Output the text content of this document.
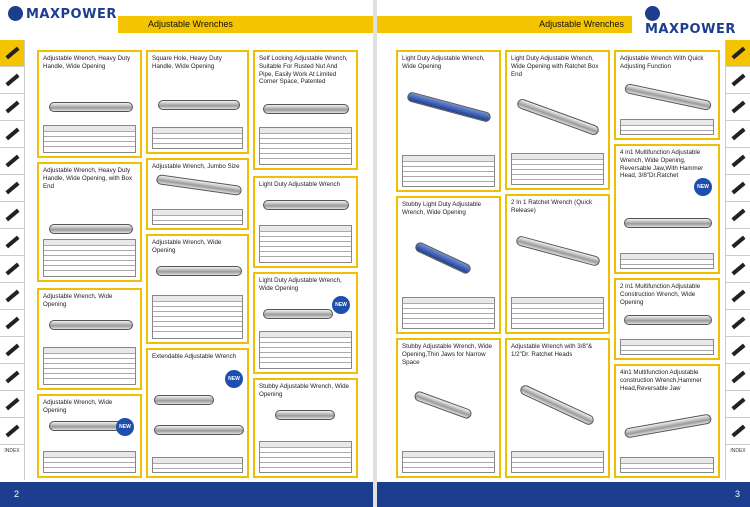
MAXPOWER
Adjustable Wrenches	Adjustable Wrenches	MAXPOWER
INDEX	INDEX
Adjustable Wrench, Heavy Duty Handle, Wide Opening
Adjustable Wrench, Heavy Duty Handle, Wide Opening, with Box End
Adjustable Wrench, Wide Opening
Adjustable Wrench, Wide Opening
NEW
Square Hole, Heavy Duty Handle, Wide Opening
Adjustable Wrench, Jumbo Size
Adjustable Wrench, Wide Opening
Extendable Adjustable Wrench
NEW
Self Locking Adjustable Wrench, Suitable For Rusted Nut And Pipe, Easily Work At Limited Corner Space, Patented
Light Duty Adjustable Wrench
Light Duty Adjustable Wrench, Wide Opening
NEW
Stubby Adjustable Wrench, Wide Opening
Light Duty Adjustable Wrench, Wide Opening
Stubby Light Duty Adjustable Wrench, Wide Opening
Stubby Adjustable Wrench, Wide Opening,Thin Jaws for Narrow Space
Light Duty Adjustable Wrench, Wide Opening with Ratchet Box End
2 In 1 Ratchet Wrench (Quick Release)
Adjustable Wrench with 3/8"& 1/2"Dr. Ratchet Heads
Adjustable Wrench With Quick Adjusting Function
4 in1 Multifunction Adjustable Wrench, Wide Opening, Reversable Jaw,With Hammer Head, 3/8"Dr.Ratchet
NEW
2 in1 Multifunction Adjustable Construction Wrench, Wide Opening
4in1 Multifunction Adjustable construction Wrench,Hammer Head,Reversable Jaw
2	3
